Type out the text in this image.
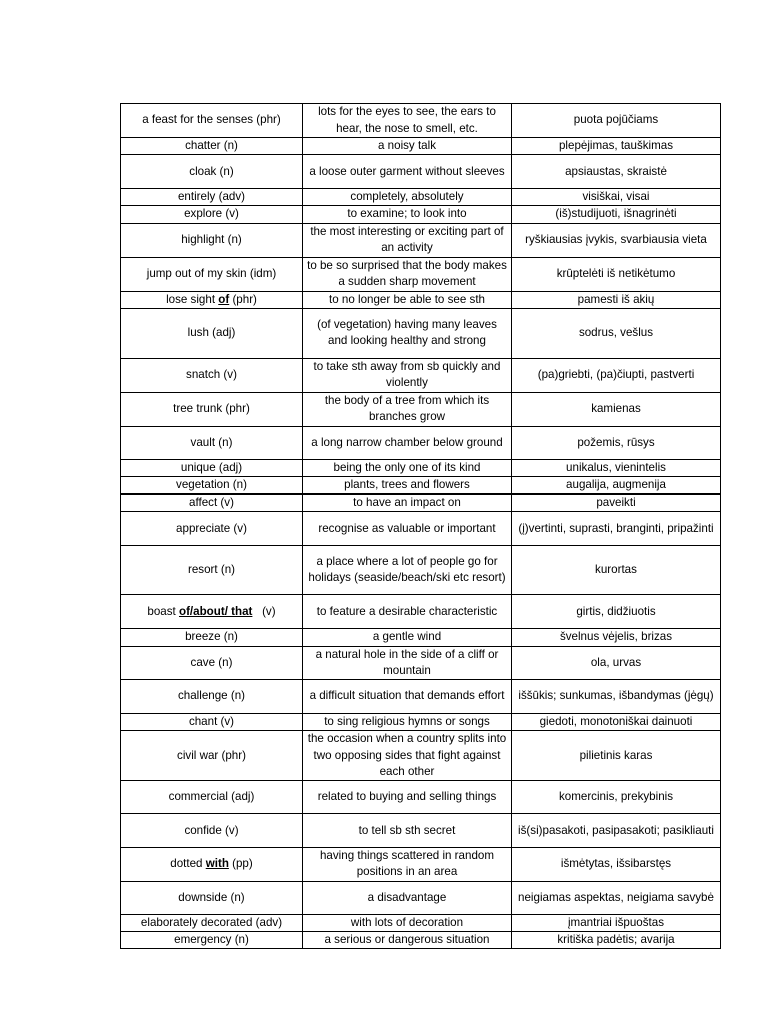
a feast for the senses (phr)	lots for the eyes to see, the ears to hear, the nose to smell, etc.	puota pojūčiams
chatter (n)	a noisy talk	plepėjimas, tauškimas
cloak (n)	a loose outer garment without sleeves	apsiaustas, skraistė
entirely (adv)	completely, absolutely	visiškai, visai
explore (v)	to examine; to look into	(iš)studijuoti, išnagrinėti
highlight (n)	the most interesting or exciting part of an activity	ryškiausias įvykis, svarbiausia vieta
jump out of my skin (idm)	to be so surprised that the body makes a sudden sharp movement	krūptelėti iš netikėtumo
lose sight of (phr)	to no longer be able to see sth	pamesti iš akių
lush (adj)	(of vegetation) having many leaves and looking healthy and strong	sodrus, vešlus
snatch (v)	to take sth away from sb quickly and violently	(pa)griebti, (pa)čiupti, pastverti
tree trunk (phr)	the body of a tree from which its branches grow	kamienas
vault (n)	a long narrow chamber below ground	požemis, rūsys
unique (adj)	being the only one of its kind	unikalus, vienintelis
vegetation (n)	plants, trees and flowers	augalija, augmenija
affect (v)	to have an impact on	paveikti
appreciate (v)	recognise as valuable or important	(į)vertinti, suprasti, branginti, pripažinti
resort (n)	a place where a lot of people go for holidays (seaside/beach/ski etc resort)	kurortas
boast of/about/ that   (v)	to feature a desirable characteristic	girtis, didžiuotis
breeze (n)	a gentle wind	švelnus vėjelis, brizas
cave (n)	a natural hole in the side of a cliff or mountain	ola, urvas
challenge (n)	a difficult situation that demands effort	iššūkis; sunkumas, išbandymas (jėgų)
chant (v)	to sing religious hymns or songs	giedoti, monotoniškai dainuoti
civil war (phr)	the occasion when a country splits into two opposing sides that fight against each other	pilietinis karas
commercial (adj)	related to buying and selling things	komercinis, prekybinis
confide (v)	to tell sb sth secret	iš(si)pasakoti, pasipasakoti; pasikliauti
dotted with (pp)	having things scattered in random positions in an area	išmėtytas, išsibarstęs
downside (n)	a disadvantage	neigiamas aspektas, neigiama savybė
elaborately decorated (adv)	with lots of decoration	įmantriai išpuoštas
emergency (n)	a serious or dangerous situation	kritiška padėtis; avarija
